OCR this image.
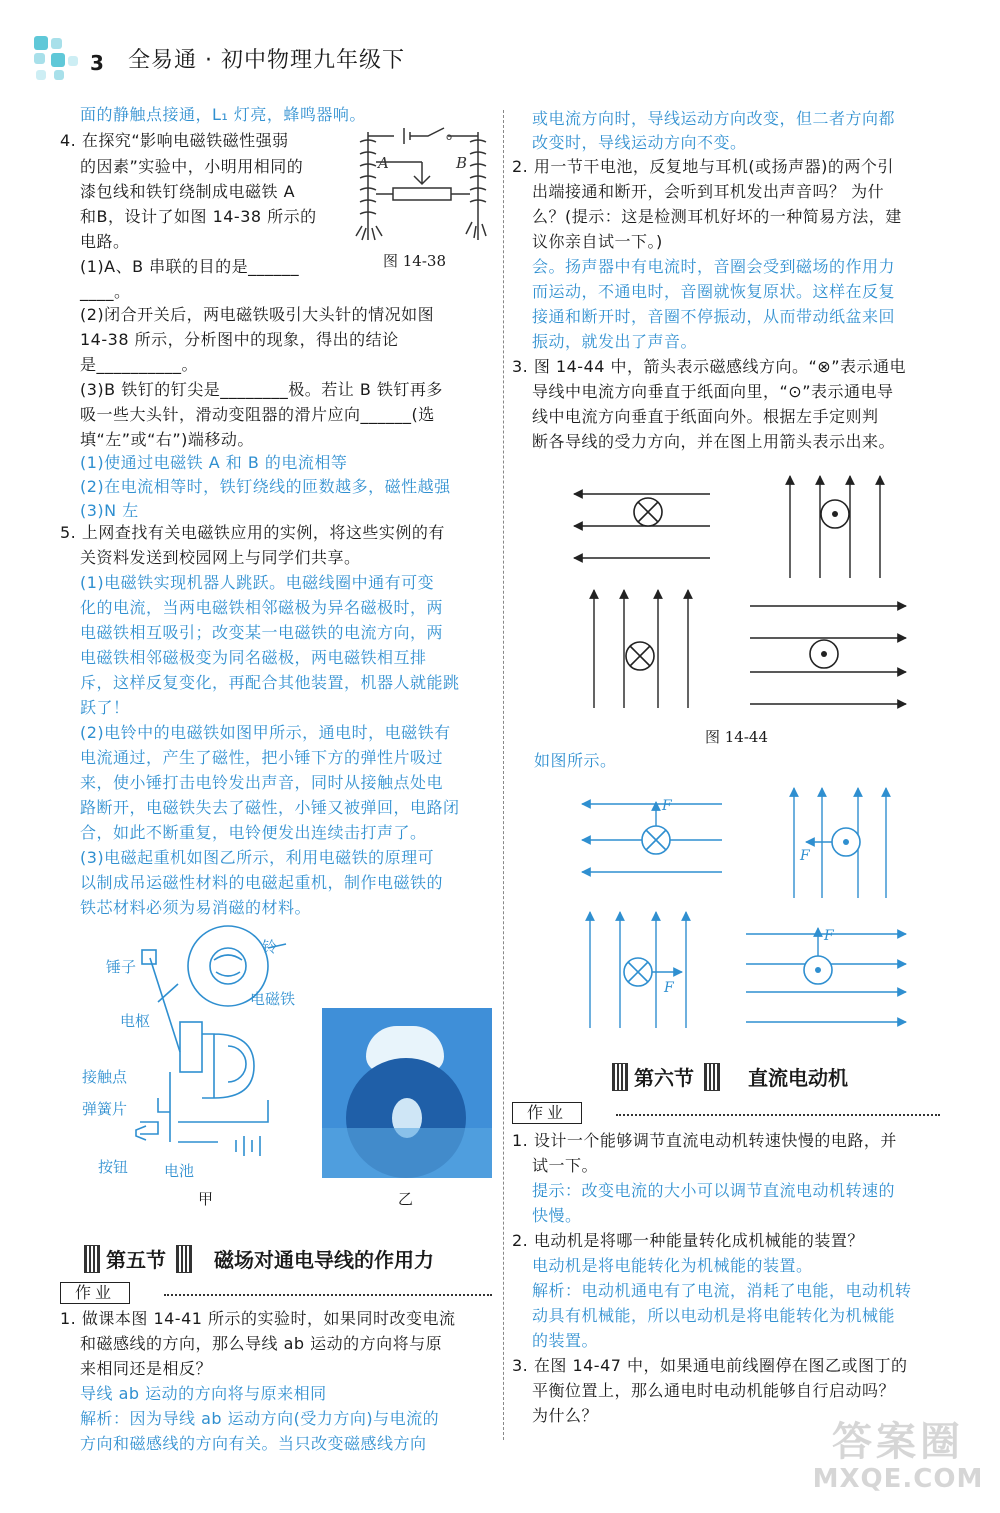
3 全易通 · 初中物理九年级下
面的静触点接通，L₁ 灯亮，蜂鸣器响。
4. 在探究“影响电磁铁磁性强弱
的因素”实验中，小明用相同的
漆包线和铁钉绕制成电磁铁 A
和B，设计了如图 14-38 所示的
电路。
(1)A、B 串联的目的是______
____。
(2)闭合开关后，两电磁铁吸引大头针的情况如图
14-38 所示，分析图中的现象，得出的结论
是__________。
(3)B 铁钉的钉尖是________极。若让 B 铁钉再多
吸一些大头针，滑动变阻器的滑片应向______(选
填“左”或“右”)端移动。
(1)使通过电磁铁 A 和 B 的电流相等
(2)在电流相等时，铁钉绕线的匝数越多，磁性越强
(3)N 左
o
A	B
图 14-38
5. 上网查找有关电磁铁应用的实例，将这些实例的有
关资料发送到校园网上与同学们共享。
(1)电磁铁实现机器人跳跃。电磁线圈中通有可变
化的电流，当两电磁铁相邻磁极为异名磁极时，两
电磁铁相互吸引；改变某一电磁铁的电流方向，两
电磁铁相邻磁极变为同名磁极，两电磁铁相互排
斥，这样反复变化，再配合其他装置，机器人就能跳
跃了！
(2)电铃中的电磁铁如图甲所示，通电时，电磁铁有
电流通过，产生了磁性，把小锤下方的弹性片吸过
来，使小锤打击电铃发出声音，同时从接触点处电
路断开，电磁铁失去了磁性，小锤又被弹回，电路闭
合，如此不断重复，电铃便发出连续击打声了。
(3)电磁起重机如图乙所示，利用电磁铁的原理可
以制成吊运磁性材料的电磁起重机，制作电磁铁的
铁芯材料必须为易消磁的材料。
铃
锤子
电磁铁
电枢
接触点
弹簧片
按钮 电池
甲	乙
第五节 磁场对通电导线的作用力
作业
1. 做课本图 14-41 所示的实验时，如果同时改变电流
和磁感线的方向，那么导线 ab 运动的方向将与原
来相同还是相反？
导线 ab 运动的方向将与原来相同
解析：因为导线 ab 运动方向(受力方向)与电流的
方向和磁感线的方向有关。当只改变磁感线方向
或电流方向时，导线运动方向改变，但二者方向都
改变时，导线运动方向不变。
2. 用一节干电池，反复地与耳机(或扬声器)的两个引
出端接通和断开，会听到耳机发出声音吗？ 为什
么？(提示：这是检测耳机好坏的一种简易方法，建
议你亲自试一下。)
会。扬声器中有电流时，音圈会受到磁场的作用力
而运动，不通电时，音圈就恢复原状。这样在反复
接通和断开时，音圈不停振动，从而带动纸盆来回
振动，就发出了声音。
3. 图 14-44 中，箭头表示磁感线方向。“⊗”表示通电
导线中电流方向垂直于纸面向里，“⊙”表示通电导
线中电流方向垂直于纸面向外。根据左手定则判
断各导线的受力方向，并在图上用箭头表示出来。
图 14-44
如图所示。
F
F
F
F
第六节	直流电动机
作业
1. 设计一个能够调节直流电动机转速快慢的电路，并
试一下。
提示：改变电流的大小可以调节直流电动机转速的
快慢。
2. 电动机是将哪一种能量转化成机械能的装置？
电动机是将电能转化为机械能的装置。
解析：电动机通电有了电流，消耗了电能，电动机转
动具有机械能，所以电动机是将电能转化为机械能
的装置。
3. 在图 14-47 中，如果通电前线圈停在图乙或图丁的
平衡位置上，那么通电时电动机能够自行启动吗？
为什么？
答案圈
MXQE.COM
